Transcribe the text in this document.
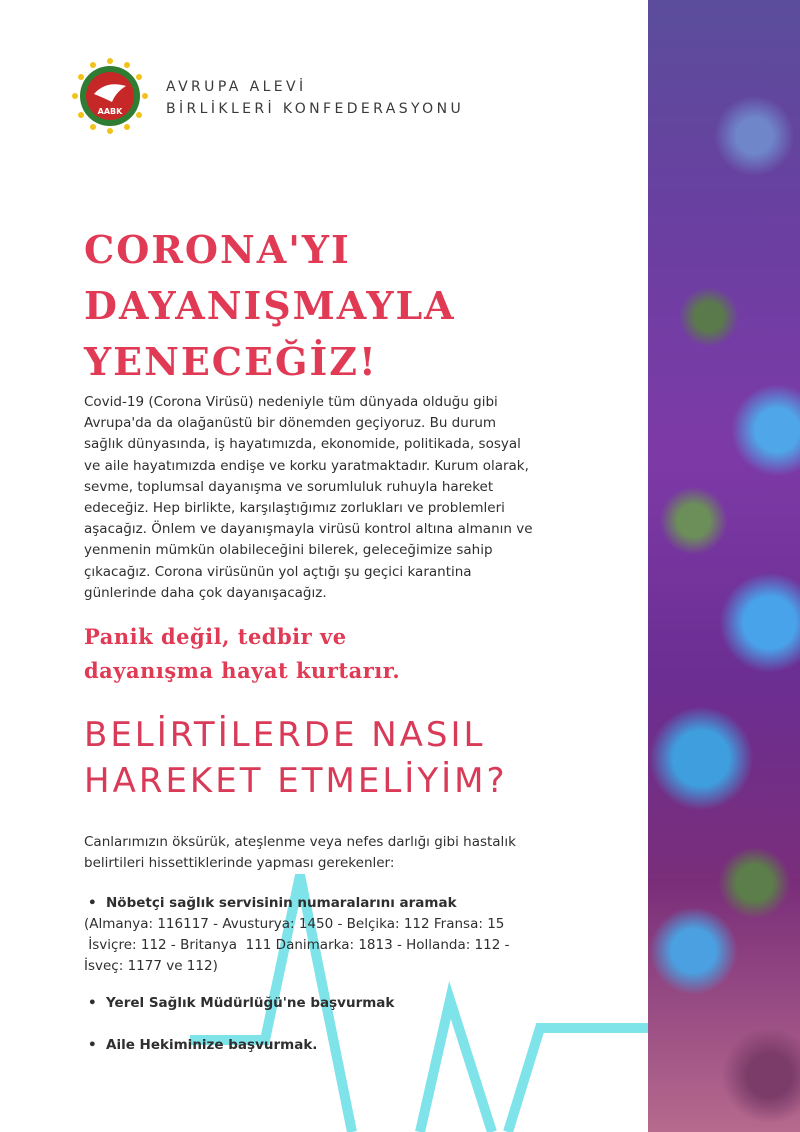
AABK
AVRUPA ALEVİ
BİRLİKLERİ KONFEDERASYONU
CORONA'YI
DAYANIŞMAYLA
YENECEĞİZ!
Covid-19 (Corona Virüsü) nedeniyle tüm dünyada olduğu gibi
Avrupa'da da olağanüstü bir dönemden geçiyoruz. Bu durum
sağlık dünyasında, iş hayatımızda, ekonomide, politikada, sosyal
ve aile hayatımızda endişe ve korku yaratmaktadır. Kurum olarak,
sevme, toplumsal dayanışma ve sorumluluk ruhuyla hareket
edeceğiz. Hep birlikte, karşılaştığımız zorlukları ve problemleri
aşacağız. Önlem ve dayanışmayla virüsü kontrol altına almanın ve
yenmenin mümkün olabileceğini bilerek, geleceğimize sahip
çıkacağız. Corona virüsünün yol açtığı şu geçici karantina
günlerinde daha çok dayanışacağız.
Panik değil, tedbir ve
dayanışma hayat kurtarır.
BELİRTİLERDE NASIL
HAREKET ETMELİYİM?
Canlarımızın öksürük, ateşlenme veya nefes darlığı gibi hastalık
belirtileri hissettiklerinde yapması gerekenler:
• Nöbetçi sağlık servisinin numaralarını aramak
(Almanya: 116117 - Avusturya: 1450 - Belçika: 112 Fransa: 15
İsviçre: 112 - Britanya  111 Danimarka: 1813 - Hollanda: 112 -
İsveç: 1177 ve 112)
• Yerel Sağlık Müdürlüğü'ne başvurmak
• Aile Hekiminize başvurmak.
